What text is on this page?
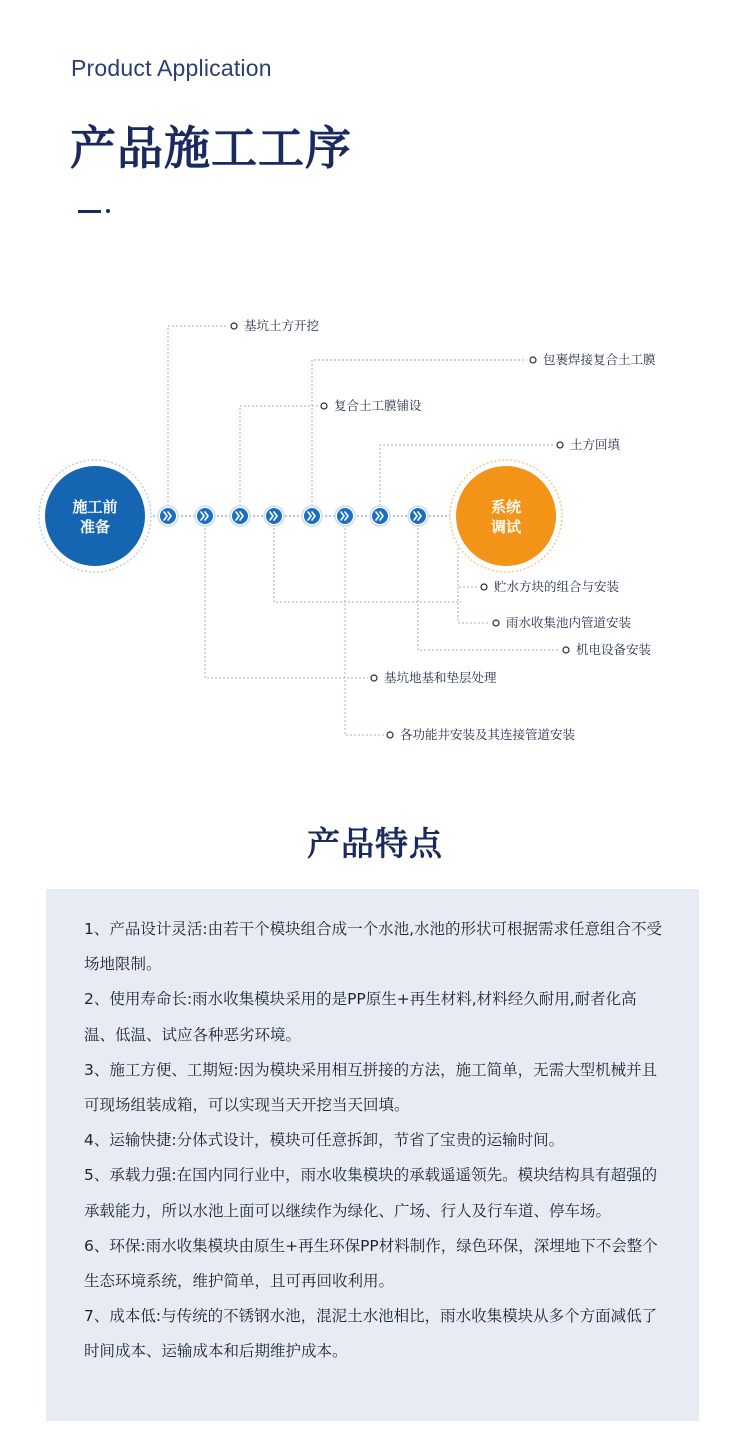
Product Application
产品施工工序
施工前
准备
系统
调试
基坑土方开挖
包裹焊接复合土工膜
复合土工膜铺设
土方回填
贮水方块的组合与安装
雨水收集池内管道安装
机电设备安装
基坑地基和垫层处理
各功能井安装及其连接管道安装
产品特点

1、产品设计灵活:由若干个模块组合成一个水池,水池的形状可根据需求任意组合不受场地限制。

2、使用寿命长:雨水收集模块采用的是PP原生+再生材料,材料经久耐用,耐者化高温、低温、试应各种恶劣环境。

3、施工方便、工期短:因为模块采用相互拼接的方法，施工简单，无需大型机械并且可现场组装成箱，可以实现当天开挖当天回填。

4、运输快捷:分体式设计，模块可任意拆卸，节省了宝贵的运输时间。

5、承载力强:在国内同行业中，雨水收集模块的承载遥遥领先。模块结构具有超强的承载能力，所以水池上面可以继续作为绿化、广场、行人及行车道、停车场。

6、环保:雨水收集模块由原生+再生环保PP材料制作，绿色环保，深埋地下不会整个生态环境系统，维护简单，且可再回收利用。

7、成本低:与传统的不锈钢水池，混泥土水池相比，雨水收集模块从多个方面减低了时间成本、运输成本和后期维护成本。
